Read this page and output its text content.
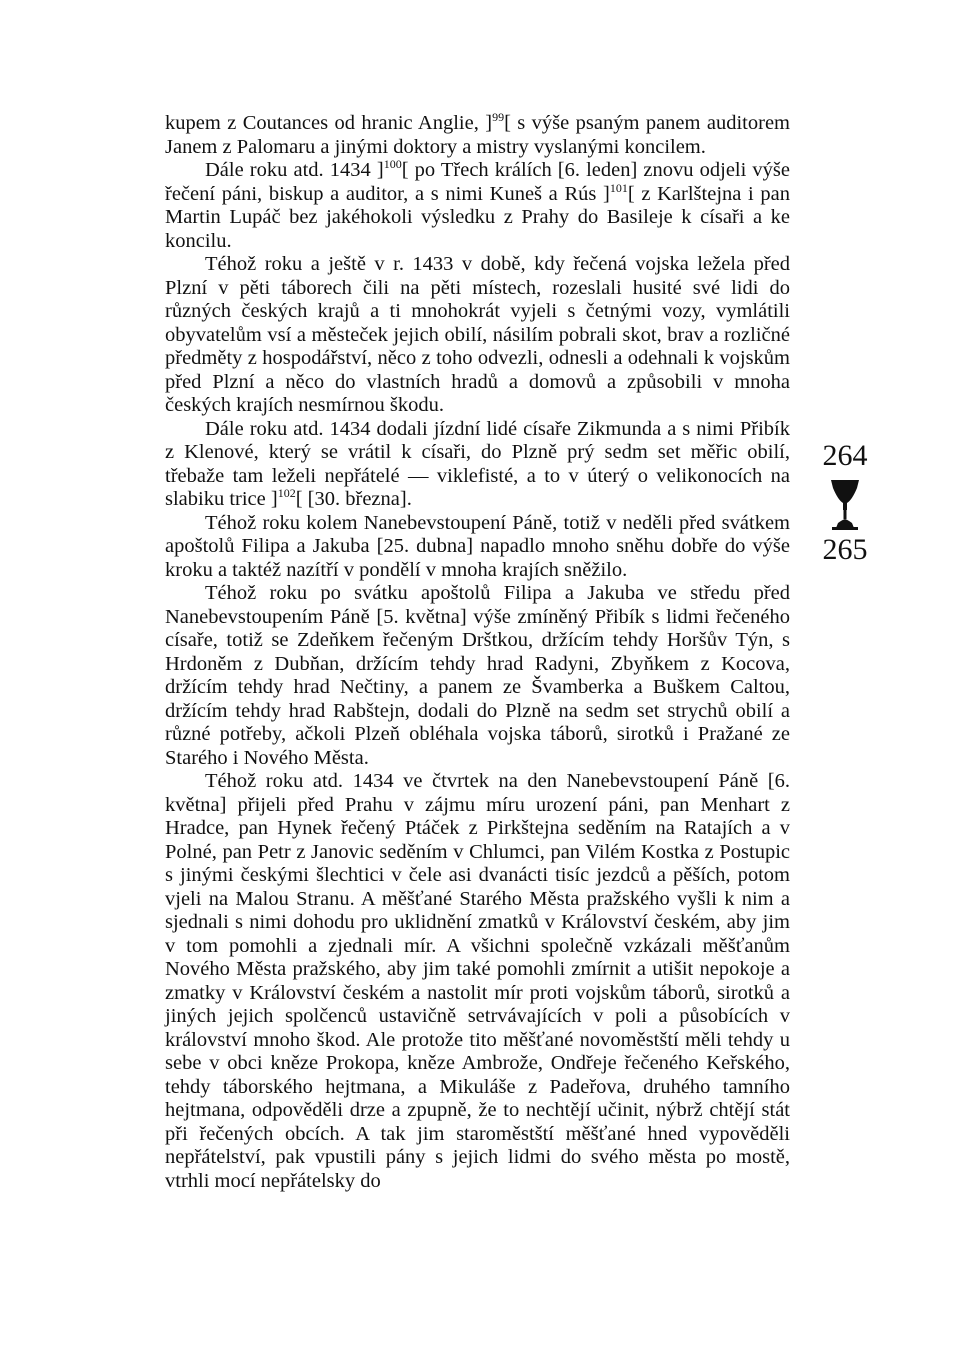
kupem z Coutances od hranic Anglie, ]$^{99}$[ s výše psaným panem auditorem Janem z Palomaru a jinými doktory a mistry vyslanými koncilem.

Dále roku atd. 1434 ]$^{100}$[ po Třech králích [6. leden] znovu odjeli výše řečení páni, biskup a auditor, a s nimi Kuneš a Rús ]$^{101}$[ z Karlštejna i pan Martin Lupáč bez jakéhokoli výsledku z Prahy do Basileje k císaři a ke koncilu.

Téhož roku a ještě v r. 1433 v době, kdy řečená vojska ležela před Plzní v pěti táborech čili na pěti místech, rozeslali husité své lidi do různých českých krajů a ti mnohokrát vyjeli s četnými vozy, vymlátili obyvatelům vsí a městeček jejich obilí, násilím pobrali skot, brav a rozličné předměty z hospodářství, něco z toho odvezli, odnesli a odehnali k vojskům před Plzní a něco do vlastních hradů a domovů a způsobili v mnoha českých krajích nesmírnou škodu.

Dále roku atd. 1434 dodali jízdní lidé císaře Zikmunda a s nimi Přibík z Klenové, který se vrátil k císaři, do Plzně prý sedm set měřic obilí, třebaže tam leželi nepřátelé — viklefisté, a to v úterý o velikonocích na slabiku trice ]$^{102}$[ [30. března].

Téhož roku kolem Nanebevstoupení Páně, totiž v neděli před svátkem apoštolů Filipa a Jakuba [25. dubna] napadlo mnoho sněhu dobře do výše kroku a taktéž nazítří v pondělí v mnoha krajích sněžilo.

Téhož roku po svátku apoštolů Filipa a Jakuba ve středu před Nanebevstoupením Páně [5. května] výše zmíněný Přibík s lidmi řečeného císaře, totiž se Zdeňkem řečeným Drštkou, držícím tehdy Horšův Týn, s Hrdoněm z Dubňan, držícím tehdy hrad Radyni, Zbyňkem z Kocova, držícím tehdy hrad Nečtiny, a panem ze Švamberka a Buškem Caltou, držícím tehdy hrad Rabštejn, dodali do Plzně na sedm set strychů obilí a různé potřeby, ačkoli Plzeň obléhala vojska táborů, sirotků i Pražané ze Starého i Nového Města.

Téhož roku atd. 1434 ve čtvrtek na den Nanebevstoupení Páně [6. května] přijeli před Prahu v zájmu míru urození páni, pan Menhart z Hradce, pan Hynek řečený Ptáček z Pirkštejna seděním na Ratajích a v Polné, pan Petr z Janovic seděním v Chlumci, pan Vilém Kostka z Postupic s jinými českými šlechtici v čele asi dvanácti tisíc jezdců a pěších, potom vjeli na Malou Stranu. A měšťané Starého Města pražského vyšli k nim a sjednali s nimi dohodu pro uklidnění zmatků v Království českém, aby jim v tom pomohli a zjednali mír. A všichni společně vzkázali měšťanům Nového Města pražského, aby jim také pomohli zmírnit a utišit nepokoje a zmatky v Království českém a nastolit mír proti vojskům táborů, sirotků a jiných jejich spolčenců ustavičně setrvávajících v poli a působících v království mnoho škod. Ale protože tito měšťané novoměstští měli tehdy u sebe v obci kněze Prokopa, kněze Ambrože, Ondřeje řečeného Keřského, tehdy táborského hejtmana, a Mikuláše z Padeřova, druhého tamního hejtmana, odpověděli drze a zpupně, že to nechtějí učinit, nýbrž chtějí stát při řečených obcích. A tak jim staroměstští měšťané hned vypověděli nepřátelství, pak vpustili pány s jejich lidmi do svého města po mostě, vtrhli mocí nepřátelsky do

264
265
